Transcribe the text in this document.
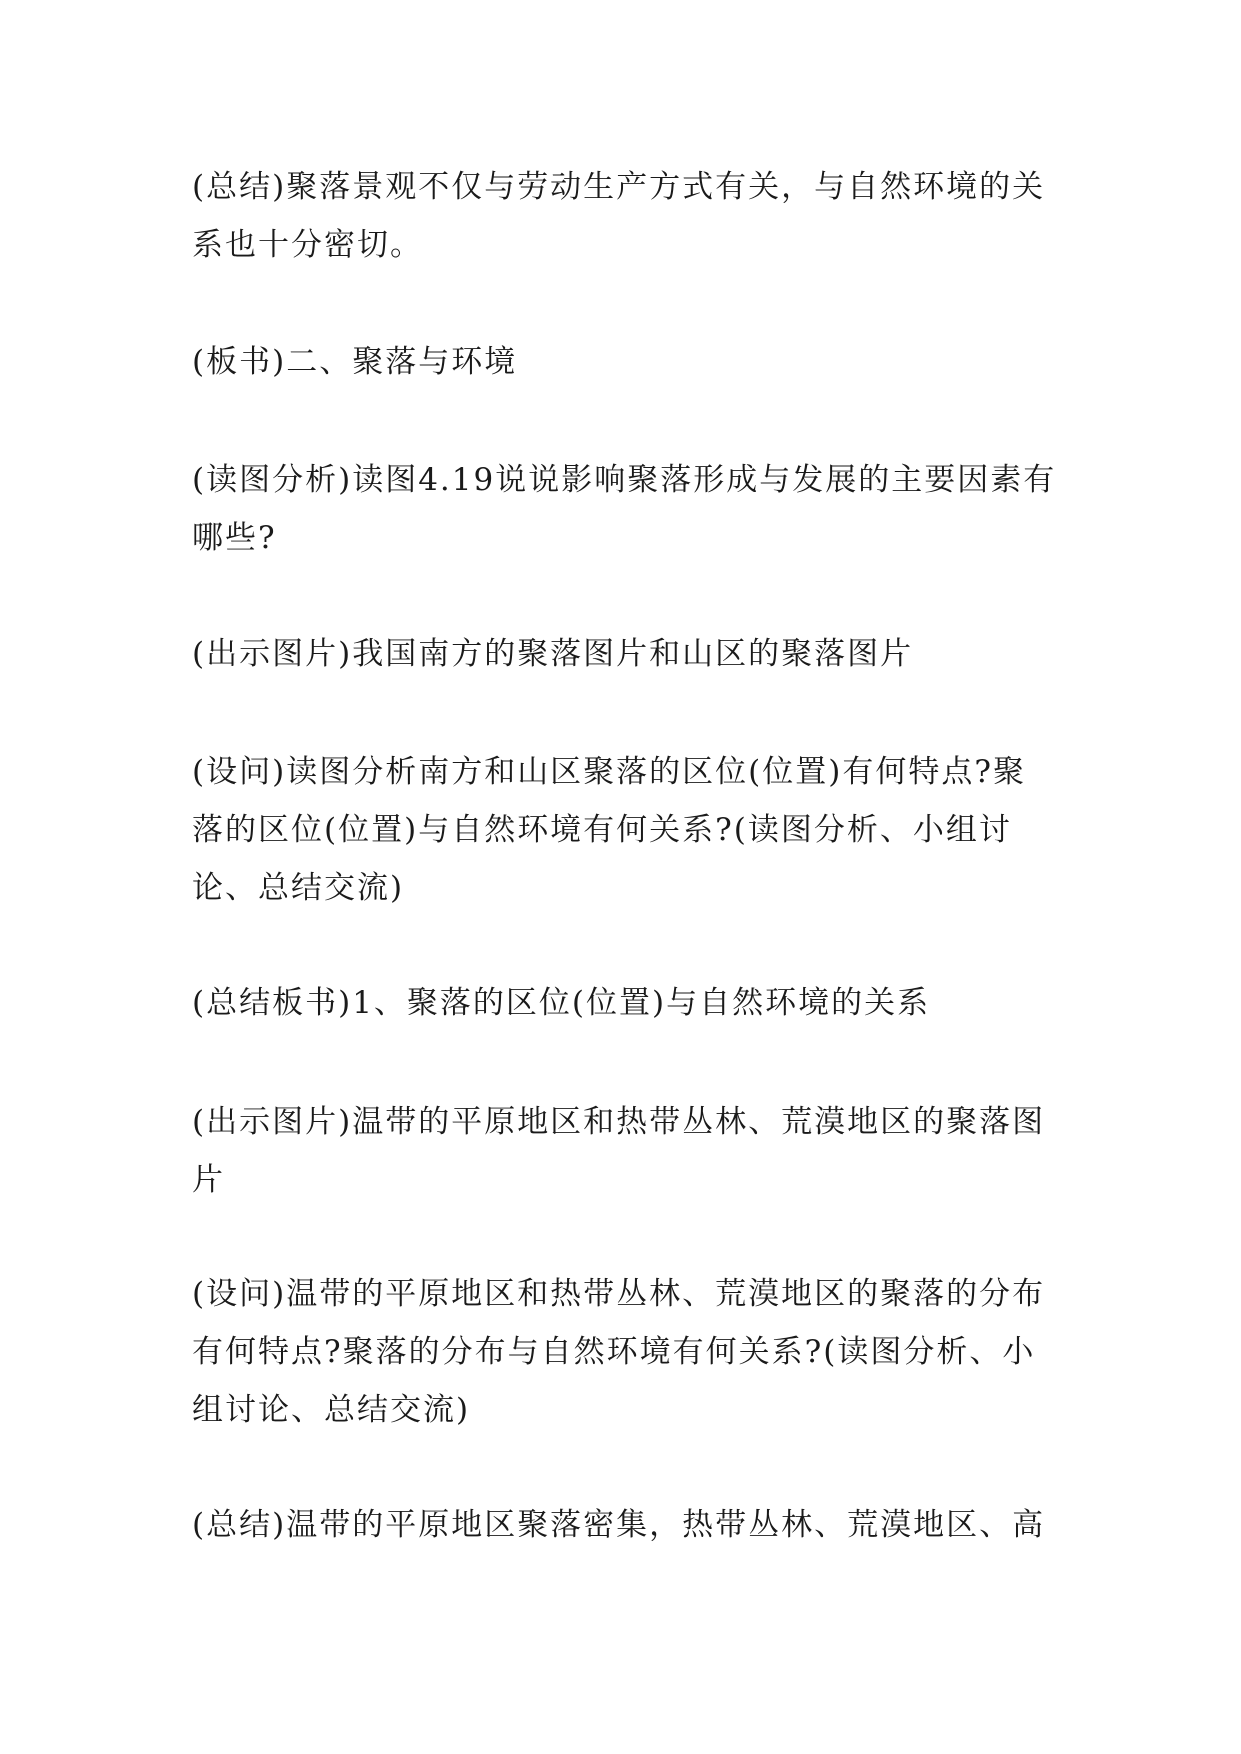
(总结)聚落景观不仅与劳动生产方式有关，与自然环境的关系也十分密切。

(板书)二、聚落与环境

(读图分析)读图4.19说说影响聚落形成与发展的主要因素有哪些?

(出示图片)我国南方的聚落图片和山区的聚落图片

(设问)读图分析南方和山区聚落的区位(位置)有何特点?聚落的区位(位置)与自然环境有何关系?(读图分析、小组讨论、总结交流)

(总结板书)1、聚落的区位(位置)与自然环境的关系

(出示图片)温带的平原地区和热带丛林、荒漠地区的聚落图片

(设问)温带的平原地区和热带丛林、荒漠地区的聚落的分布有何特点?聚落的分布与自然环境有何关系?(读图分析、小组讨论、总结交流)

(总结)温带的平原地区聚落密集，热带丛林、荒漠地区、高
